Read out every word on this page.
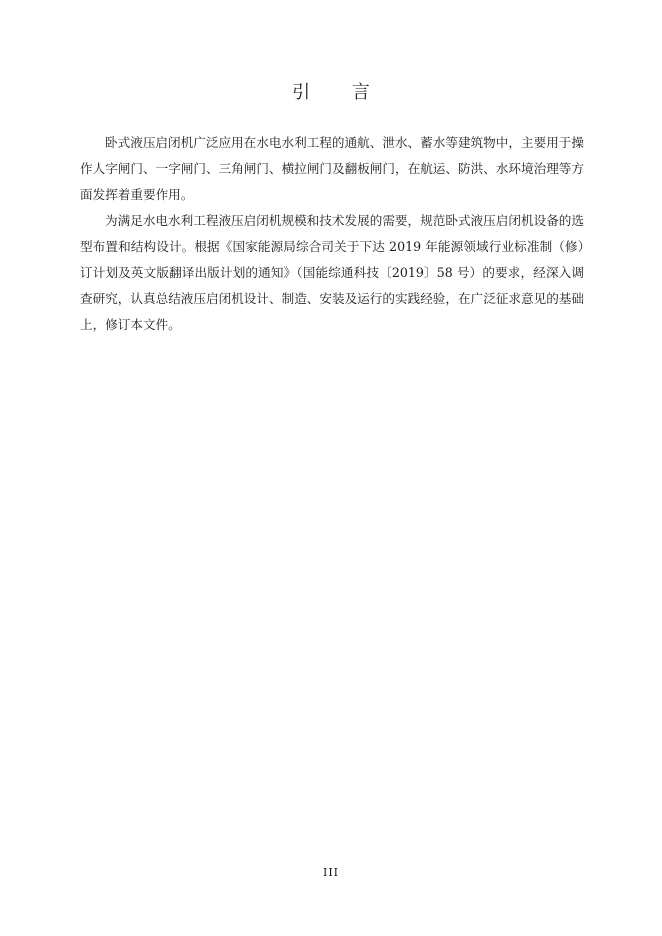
引 言

卧式液压启闭机广泛应用在水电水利工程的通航、泄水、蓄水等建筑物中，主要用于操作人字闸门、一字闸门、三角闸门、横拉闸门及翻板闸门，在航运、防洪、水环境治理等方面发挥着重要作用。

为满足水电水利工程液压启闭机规模和技术发展的需要，规范卧式液压启闭机设备的选型布置和结构设计。根据《国家能源局综合司关于下达 2019 年能源领域行业标准制（修）订计划及英文版翻译出版计划的通知》（国能综通科技〔2019〕58 号）的要求，经深入调查研究，认真总结液压启闭机设计、制造、安装及运行的实践经验，在广泛征求意见的基础上，修订本文件。

III
